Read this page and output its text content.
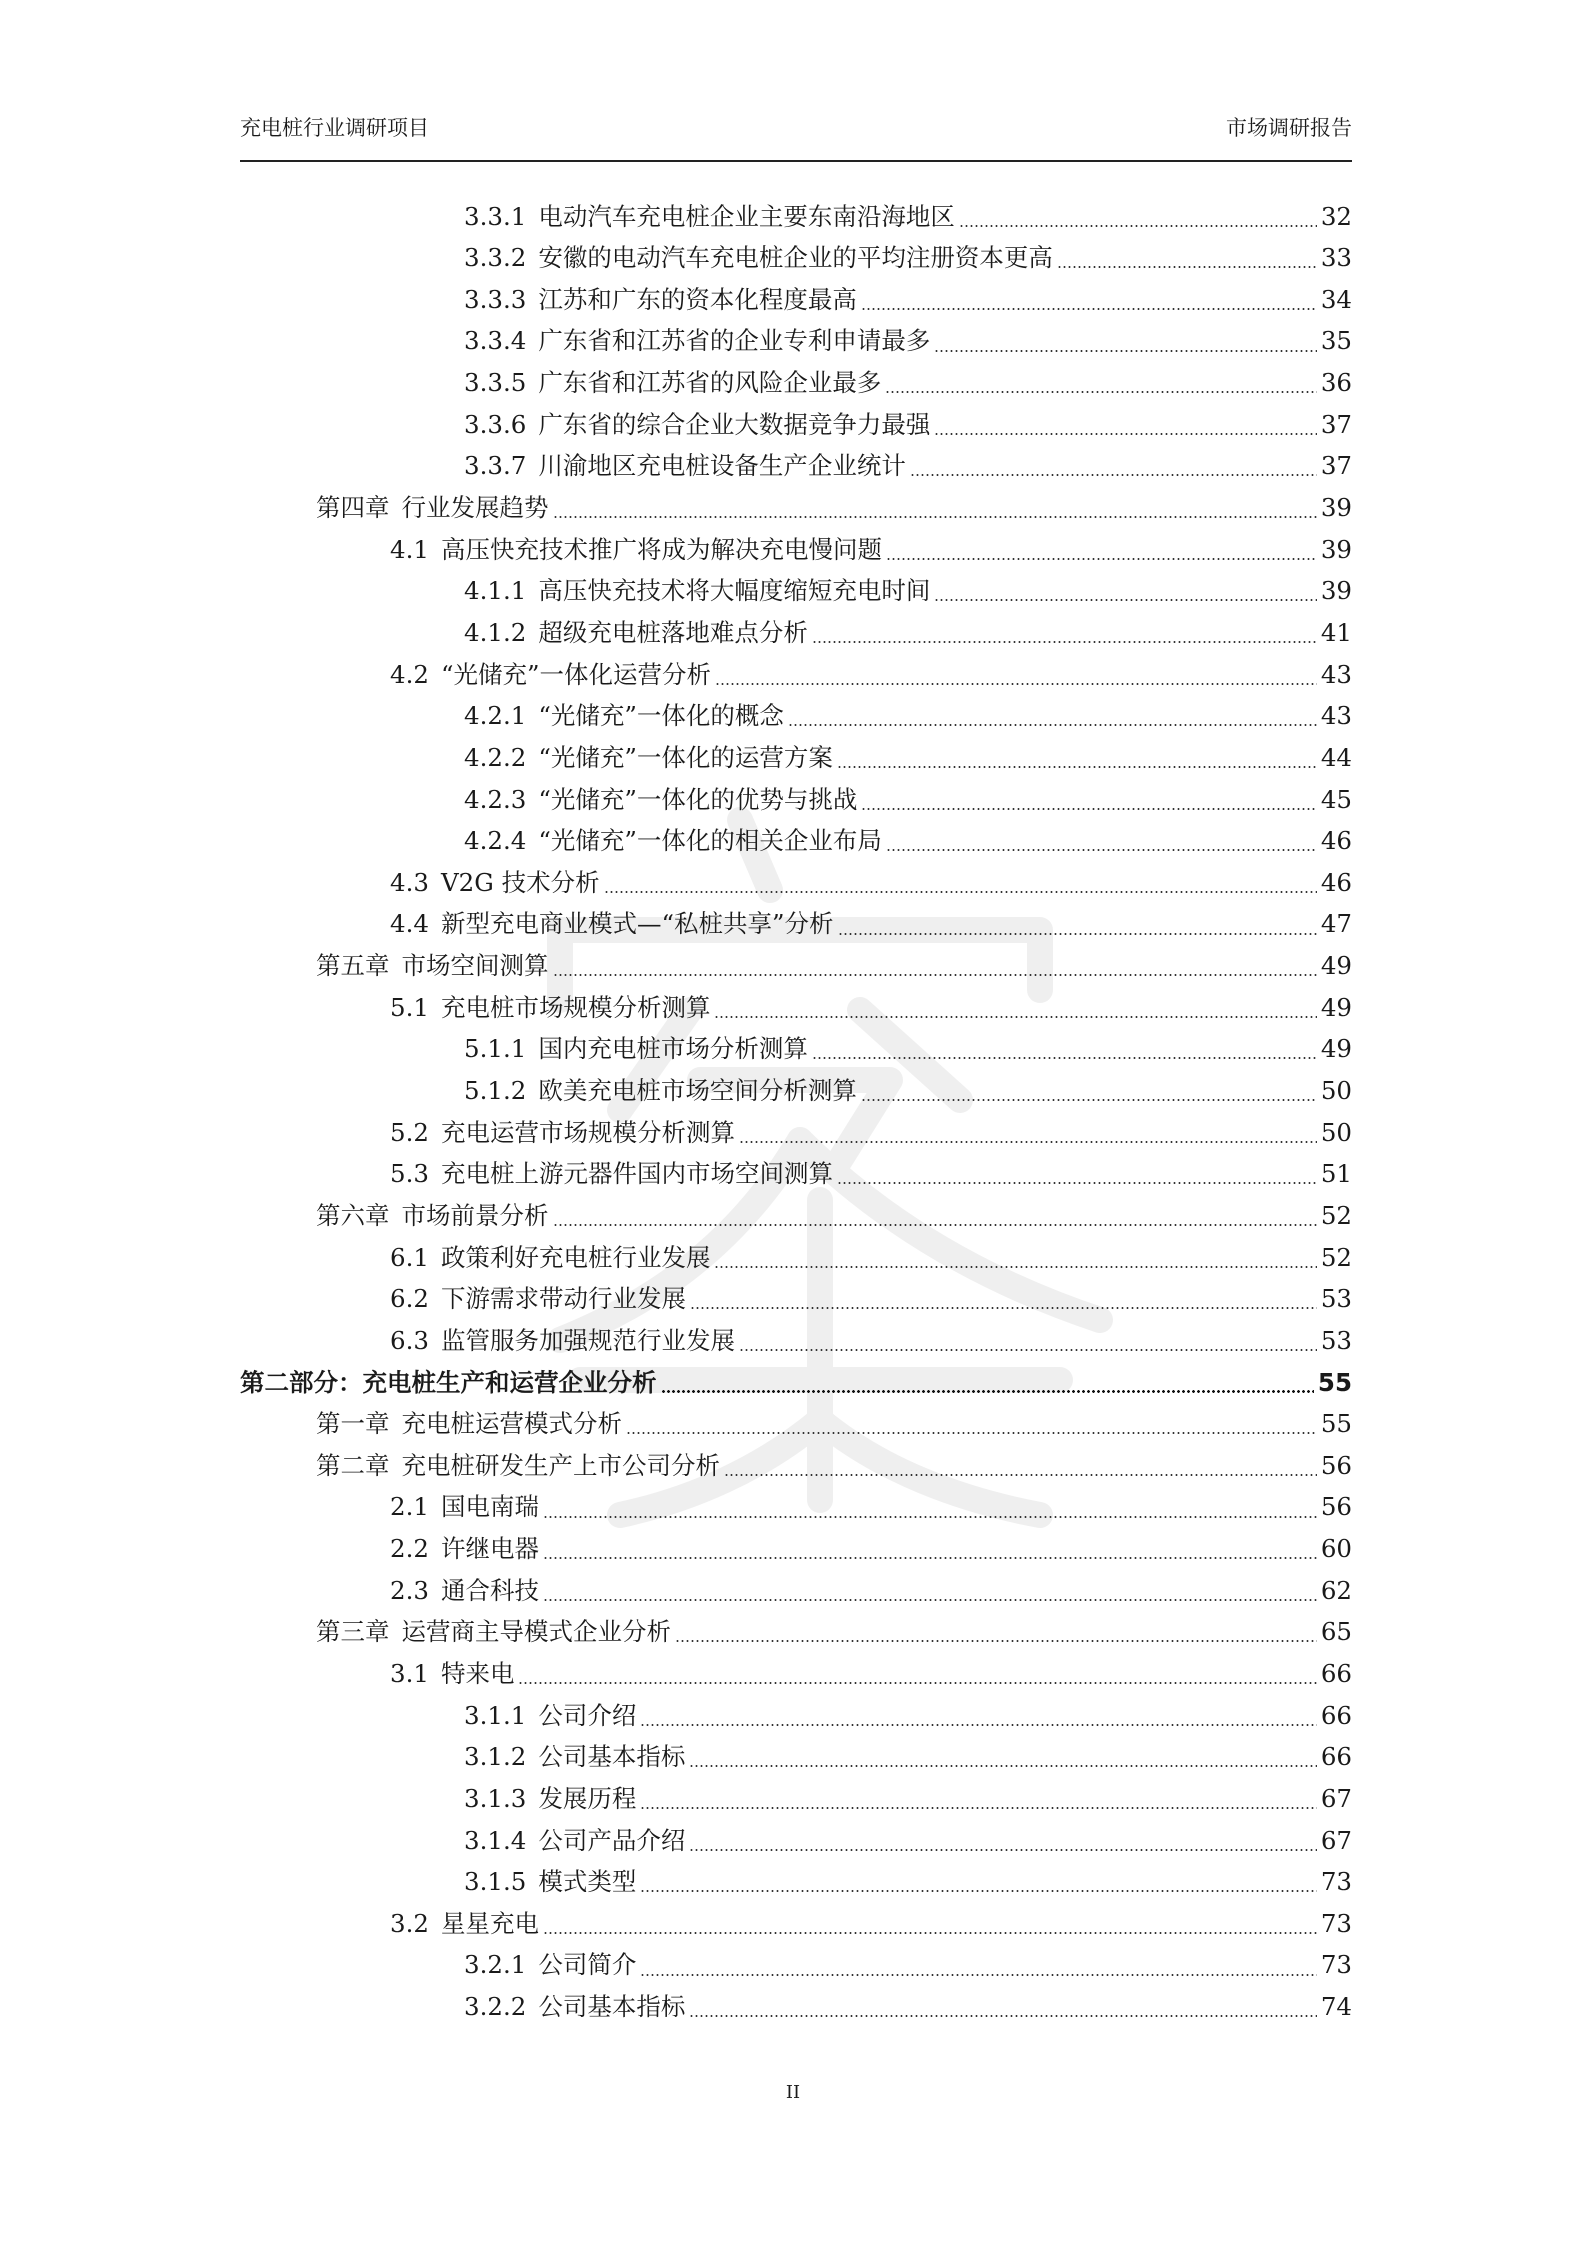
充电桩行业调研项目	市场调研报告
3.3.1 电动汽车充电桩企业主要东南沿海地区	32
3.3.2 安徽的电动汽车充电桩企业的平均注册资本更高	33
3.3.3 江苏和广东的资本化程度最高	34
3.3.4 广东省和江苏省的企业专利申请最多	35
3.3.5 广东省和江苏省的风险企业最多	36
3.3.6 广东省的综合企业大数据竞争力最强	37
3.3.7 川渝地区充电桩设备生产企业统计	37
第四章 行业发展趋势	39
4.1 高压快充技术推广将成为解决充电慢问题	39
4.1.1 高压快充技术将大幅度缩短充电时间	39
4.1.2 超级充电桩落地难点分析	41
4.2 “光储充”一体化运营分析	43
4.2.1 “光储充”一体化的概念	43
4.2.2 “光储充”一体化的运营方案	44
4.2.3 “光储充”一体化的优势与挑战	45
4.2.4 “光储充”一体化的相关企业布局	46
4.3 V2G 技术分析	46
4.4 新型充电商业模式—“私桩共享”分析	47
第五章 市场空间测算	49
5.1 充电桩市场规模分析测算	49
5.1.1 国内充电桩市场分析测算	49
5.1.2 欧美充电桩市场空间分析测算	50
5.2 充电运营市场规模分析测算	50
5.3 充电桩上游元器件国内市场空间测算	51
第六章 市场前景分析	52
6.1 政策利好充电桩行业发展	52
6.2 下游需求带动行业发展	53
6.3 监管服务加强规范行业发展	53
第二部分：充电桩生产和运营企业分析	55
第一章 充电桩运营模式分析	55
第二章 充电桩研发生产上市公司分析	56
2.1 国电南瑞	56
2.2 许继电器	60
2.3 通合科技	62
第三章 运营商主导模式企业分析	65
3.1 特来电	66
3.1.1 公司介绍	66
3.1.2 公司基本指标	66
3.1.3 发展历程	67
3.1.4 公司产品介绍	67
3.1.5 模式类型	73
3.2 星星充电	73
3.2.1 公司简介	73
3.2.2 公司基本指标	74
II
